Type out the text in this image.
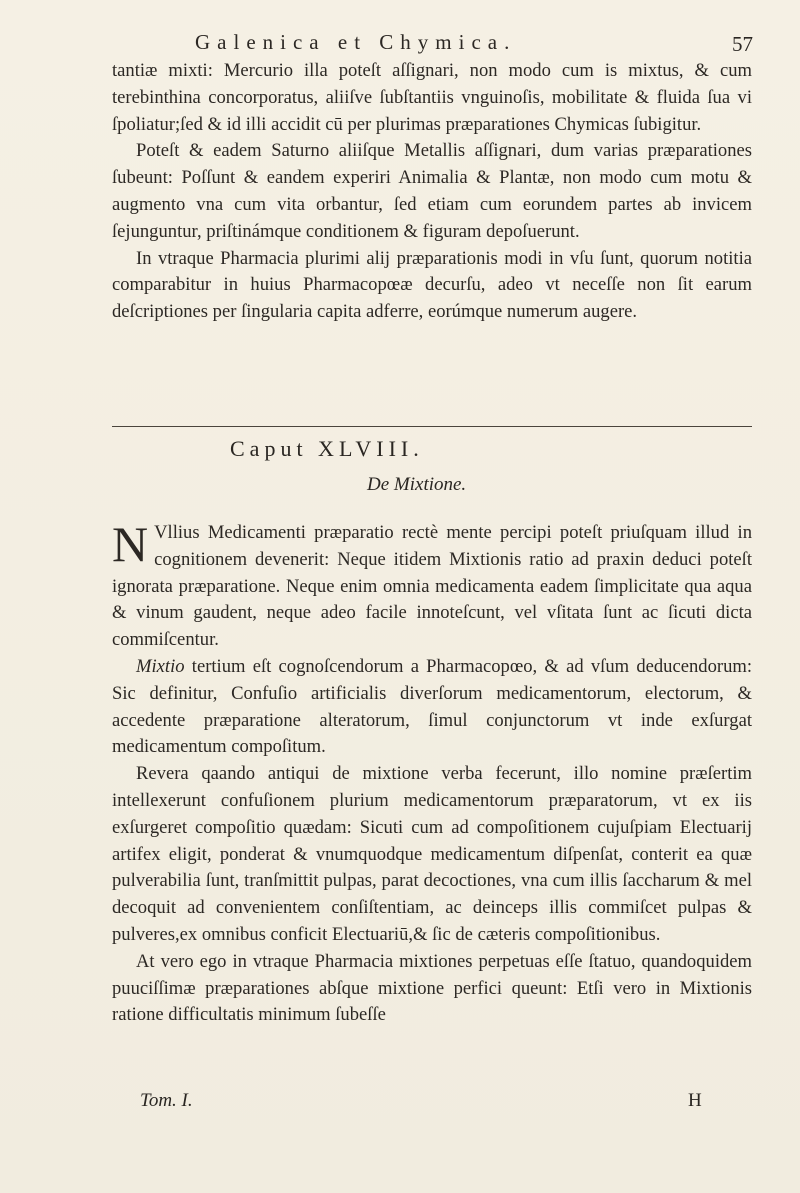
Galenica et Chymica.	57

tantiæ mixti: Mercurio illa poteſt aſſignari, non modo cum is mixtus, & cum terebinthina concorporatus, aliiſve ſubſtantiis vnguinoſis, mobilitate & fluida ſua vi ſpoliatur;ſed & id illi accidit cū per plurimas præparationes Chymicas ſubigitur.

Poteſt & eadem Saturno aliiſque Metallis aſſignari, dum varias præparationes ſubeunt: Poſſunt & eandem experiri Animalia & Plantæ, non modo cum motu & augmento vna cum vita orbantur, ſed etiam cum eorundem partes ab invicem ſejunguntur, priſtinámque conditionem & figuram depoſuerunt.

In vtraque Pharmacia plurimi alij præparationis modi in vſu ſunt, quorum notitia comparabitur in huius Pharmacopœæ decurſu, adeo vt neceſſe non ſit earum deſcriptiones per ſingularia capita adferre, eorúmque numerum augere.

Caput XLVIII.
De Mixtione.

N Vllius Medicamenti præparatio rectè mente percipi poteſt priuſquam illud in cognitionem devenerit: Neque itidem Mixtionis ratio ad praxin deduci poteſt ignorata præparatione. Neque enim omnia medicamenta eadem ſimplicitate qua aqua & vinum gaudent, neque adeo facile innoteſcunt, vel vſitata ſunt ac ſicuti dicta commiſcentur.

Mixtio tertium eſt cognoſcendorum a Pharmacopœo, & ad vſum deducendorum: Sic definitur, Confuſio artificialis diverſorum medicamentorum, electorum, & accedente præparatione alteratorum, ſimul conjunctorum vt inde exſurgat medicamentum compoſitum.

Revera qaando antiqui de mixtione verba fecerunt, illo nomine præſertim intellexerunt confuſionem plurium medicamentorum præparatorum, vt ex iis exſurgeret compoſitio quædam: Sicuti cum ad compoſitionem cujuſpiam Electuarij artifex eligit, ponderat & vnumquodque medicamentum diſpenſat, conterit ea quæ pulverabilia ſunt, tranſmittit pulpas, parat decoctiones, vna cum illis ſaccharum & mel decoquit ad convenientem conſiſtentiam, ac deinceps illis commiſcet pulpas & pulveres,ex omnibus conficit Electuariū,& ſic de cæteris compoſitionibus.

At vero ego in vtraque Pharmacia mixtiones perpetuas eſſe ſtatuo, quandoquidem puuciſſimæ præparationes abſque mixtione perfici queunt: Etſi vero in Mixtionis ratione difficultatis minimum ſubeſſe

Tom. I.	H
